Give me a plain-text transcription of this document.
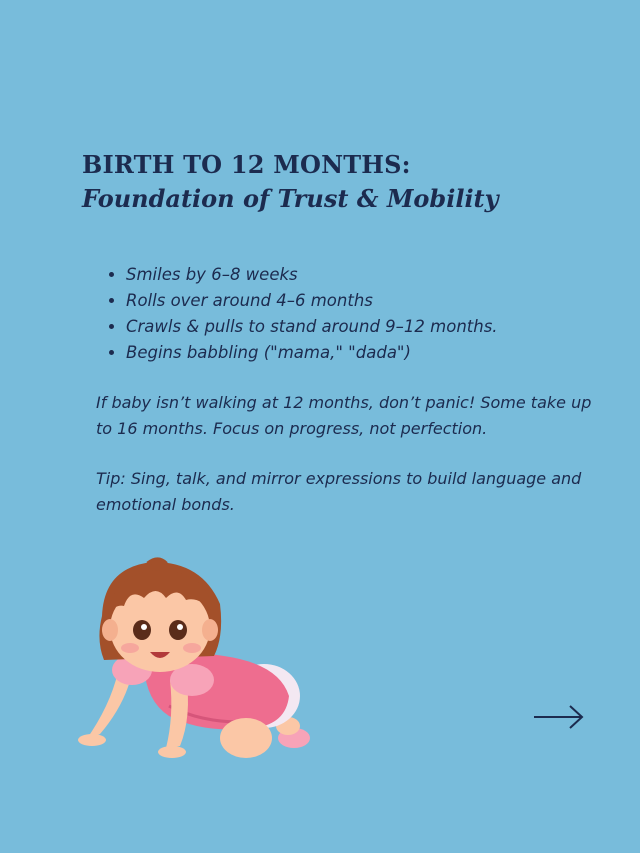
BIRTH TO 12 MONTHS:
Foundation of Trust & Mobility
• Smiles by 6–8 weeks
• Rolls over around 4–6 months
• Crawls & pulls to stand around 9–12 months.
• Begins babbling ("mama," "dada")

If baby isn’t walking at 12 months, don’t panic! Some take up to 16 months. Focus on progress, not perfection.

Tip: Sing, talk, and mirror expressions to build language and emotional bonds.
